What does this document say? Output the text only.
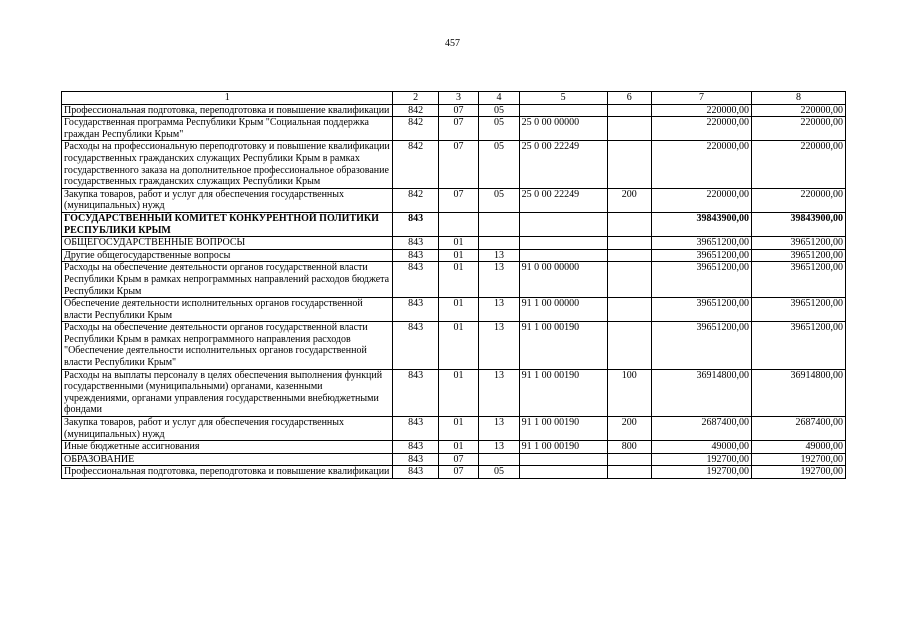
457
1	2	3	4	5	6	7	8
Профессиональная подготовка, переподготовка и повышение квалификации	842	07	05			220000,00	220000,00
Государственная программа Республики Крым "Социальная поддержка граждан Республики Крым"	842	07	05	25 0 00 00000		220000,00	220000,00
Расходы на профессиональную переподготовку и повышение квалификации государственных гражданских служащих Республики Крым в рамках государственного заказа на дополнительное профессиональное образование государственных гражданских служащих Республики Крым	842	07	05	25 0 00 22249		220000,00	220000,00
Закупка товаров, работ и услуг для обеспечения государственных (муниципальных) нужд	842	07	05	25 0 00 22249	200	220000,00	220000,00
ГОСУДАРСТВЕННЫЙ КОМИТЕТ КОНКУРЕНТНОЙ ПОЛИТИКИ РЕСПУБЛИКИ КРЫМ	843					39843900,00	39843900,00
ОБЩЕГОСУДАРСТВЕННЫЕ ВОПРОСЫ	843	01				39651200,00	39651200,00
Другие общегосударственные вопросы	843	01	13			39651200,00	39651200,00
Расходы на обеспечение деятельности органов государственной власти Республики Крым в рамках непрограммных направлений расходов бюджета Республики Крым	843	01	13	91 0 00 00000		39651200,00	39651200,00
Обеспечение деятельности исполнительных органов государственной власти Республики Крым	843	01	13	91 1 00 00000		39651200,00	39651200,00
Расходы на обеспечение деятельности органов государственной власти Республики Крым в рамках непрограммного направления расходов "Обеспечение деятельности исполнительных органов государственной власти Республики Крым"	843	01	13	91 1 00 00190		39651200,00	39651200,00
Расходы на выплаты персоналу в целях обеспечения выполнения функций государственными (муниципальными) органами, казенными учреждениями, органами управления государственными внебюджетными фондами	843	01	13	91 1 00 00190	100	36914800,00	36914800,00
Закупка товаров, работ и услуг для обеспечения государственных (муниципальных) нужд	843	01	13	91 1 00 00190	200	2687400,00	2687400,00
Иные бюджетные ассигнования	843	01	13	91 1 00 00190	800	49000,00	49000,00
ОБРАЗОВАНИЕ	843	07				192700,00	192700,00
Профессиональная подготовка, переподготовка и повышение квалификации	843	07	05			192700,00	192700,00
